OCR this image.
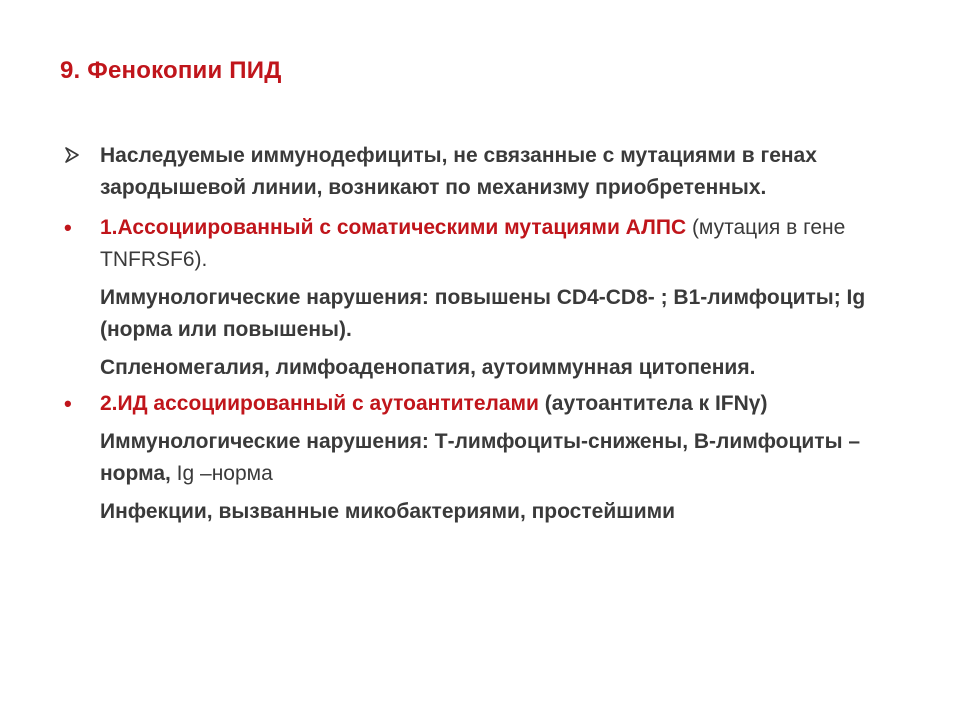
9. Фенокопии ПИД
Наследуемые иммунодефициты, не связанные с мутациями в генах зародышевой линии, возникают по механизму приобретенных.
•	1.Ассоциированный с соматическими мутациями АЛПС (мутация в гене TNFRSF6).
Иммунологические нарушения: повышены CD4-CD8- ; В1-лимфоциты; Ig (норма или повышены).
Спленомегалия, лимфоаденопатия, аутоиммунная цитопения.
•	2.ИД ассоциированный с аутоантителами (аутоантитела к IFNγ)
Иммунологические нарушения: Т-лимфоциты-снижены, В-лимфоциты – норма, Ig –норма
Инфекции, вызванные микобактериями, простейшими
